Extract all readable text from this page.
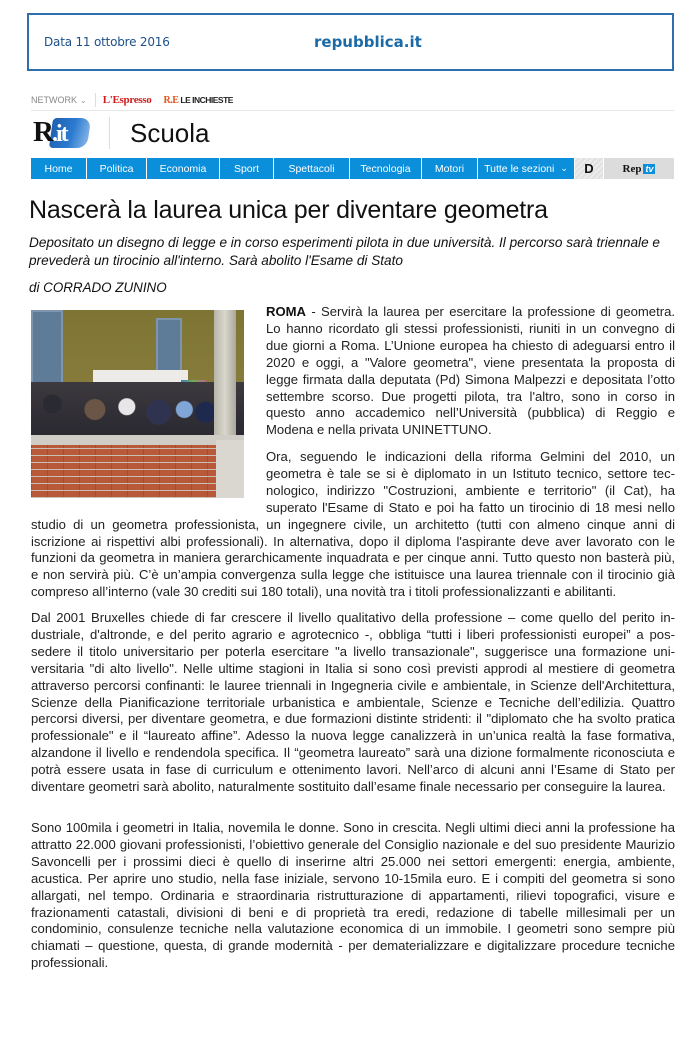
Data 11 ottobre 2016	repubblica.it
NETWORK ⌄ L'Espresso R.E LE INCHIESTE
R.it Scuola
Home	Politica	Economia	Sport	Spettacoli	Tecnologia	Motori	Tutte le sezioni ⌄	D	Rep tv
Nascerà la laurea unica per diventare geometra

Depositato un disegno di legge e in corso esperimenti pilota in due università. Il percorso sarà triennale e prevederà un tirocinio all'interno. Sarà abolito l'Esame di Stato

di CORRADO ZUNINO

ROMA - Servirà la laurea per esercitare la professione di geometra. Lo hanno ricordato gli stessi professionisti, riuniti in un convegno di due giorni a Roma. L’Unione europea ha chiesto di adeguarsi entro il 2020 e oggi, a "Valore geometra", viene presentata la proposta di legge firmata dalla deputata (Pd) Simona Malpezzi e depositata l’otto settembre scorso. Due progetti pilota, tra l'altro, sono in corso in questo anno accademico nell’Università (pubblica) di Reggio e Modena e nella privata UNINETTUNO.

Ora, seguendo le indicazioni della riforma Gelmini del 2010, un geometra è tale se si è diplomato in un Istituto tecnico, settore tecnologico, indirizzo "Costruzioni, ambiente e territorio" (il Cat), ha superato l'Esame di Stato e poi ha fatto un tirocinio di 18 mesi nello studio di un geometra professionista, un ingegnere civile, un architetto (tutti con almeno cinque anni di iscrizione ai rispettivi albi professionali). In alternativa, dopo il diploma l'aspirante deve aver lavorato con le funzioni da geometra in maniera gerarchicamente inquadrata e per cinque anni. Tutto questo non basterà più, e non servirà più. C’è un’ampia convergenza sulla legge che istituisce una laurea triennale con il tirocinio già compreso all’interno (vale 30 crediti sui 180 totali), una novità tra i titoli professionalizzanti e abilitanti.

Dal 2001 Bruxelles chiede di far crescere il livello qualitativo della professione – come quello del perito industriale, d'altronde, e del perito agrario e agrotecnico -, obbliga “tutti i liberi professionisti europei” a possedere il titolo universitario per poterla esercitare "a livello transazionale", suggerisce una formazione universitaria "di alto livello". Nelle ultime stagioni in Italia si sono così previsti approdi al mestiere di geometra attraverso percorsi confinanti: le lauree triennali in Ingegneria civile e ambientale, in Scienze dell'Architettura, Scienze della Pianificazione territoriale urbanistica e ambientale, Scienze e Tecniche dell’edilizia. Quattro percorsi diversi, per diventare geometra, e due formazioni distinte stridenti: il "diplomato che ha svolto pratica professionale" e il “laureato affine”. Adesso la nuova legge canalizzerà in un’unica realtà la fase formativa, alzandone il livello e rendendola specifica. Il “geometra laureato” sarà una dizione formalmente riconosciuta e potrà essere usata in fase di curriculum e ottenimento lavori. Nell’arco di alcuni anni l’Esame di Stato per diventare geometri sarà abolito, naturalmente sostituito dall’esame finale necessario per conseguire la laurea.

Sono 100mila i geometri in Italia, novemila le donne. Sono in crescita. Negli ultimi dieci anni la professione ha attratto 22.000 giovani professionisti, l’obiettivo generale del Consiglio nazionale e del suo presidente Maurizio Savoncelli per i prossimi dieci è quello di inserirne altri 25.000 nei settori emergenti: energia, ambiente, acustica. Per aprire uno studio, nella fase iniziale, servono 10-15mila euro. E i compiti del geometra si sono allargati, nel tempo. Ordinaria e straordinaria ristrutturazione di appartamenti, rilievi topografici, visure e frazionamenti catastali, divisioni di beni e di proprietà tra eredi, redazione di tabelle millesimali per un condominio, consulenze tecniche nella valutazione economica di un immobile. I geometri sono sempre più chiamati – questione, questa, di grande modernità - per dematerializzare e digitalizzare procedure tecniche professionali.
